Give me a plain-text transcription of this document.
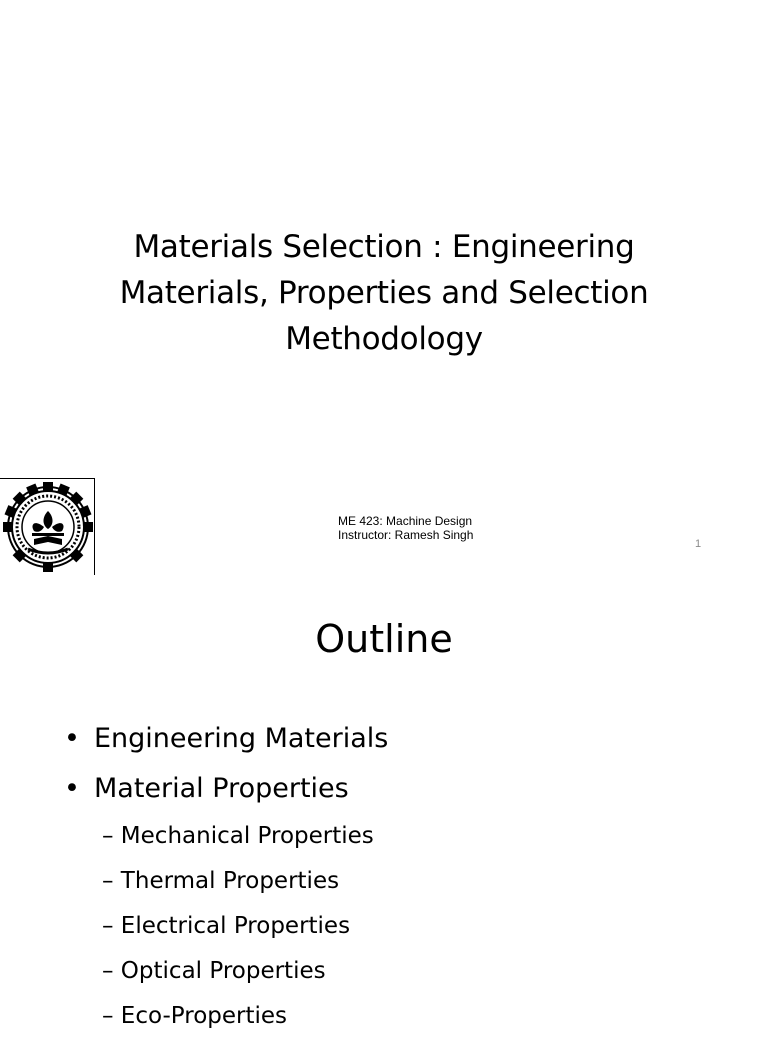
Materials Selection : Engineering
Materials, Properties and Selection
Methodology
ME 423: Machine Design
Instructor: Ramesh Singh
1
Outline
• Engineering Materials
• Material Properties
– Mechanical Properties
– Thermal Properties
– Electrical Properties
– Optical Properties
– Eco-Properties
